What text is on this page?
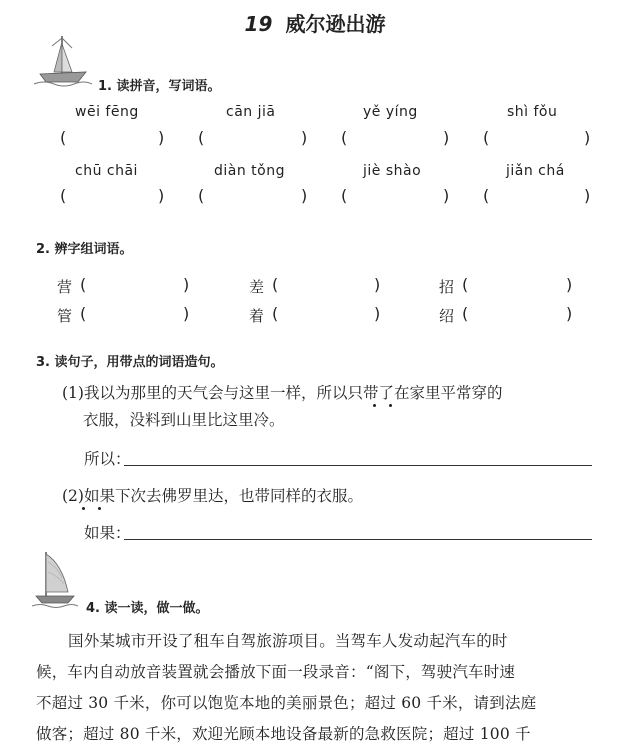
19 威尔逊出游
1. 读拼音，写词语。
wēi fēng	cān jiā	yě yíng	shì fǒu
(	) (	) (	) (	)
chū chāi	diàn tǒng	jiè shào	jiǎn chá
(	) (	) (	) (	)
2. 辨字组词语。
营 (	)	差 (	)	招 (	)
管 (	)	着 (	)	绍 (	)
3. 读句子，用带点的词语造句。
(1)我以为那里的天气会与这里一样，所以只带了在家里平常穿的
衣服，没料到山里比这里冷。
所以：
(2)如果下次去佛罗里达，也带同样的衣服。
如果：
4. 读一读，做一做。
国外某城市开设了租车自驾旅游项目。当驾车人发动起汽车的时
候，车内自动放音装置就会播放下面一段录音：“阁下，驾驶汽车时速
不超过 30 千米，你可以饱览本地的美丽景色；超过 60 千米，请到法庭
做客；超过 80 千米，欢迎光顾本地设备最新的急救医院；超过 100 千
